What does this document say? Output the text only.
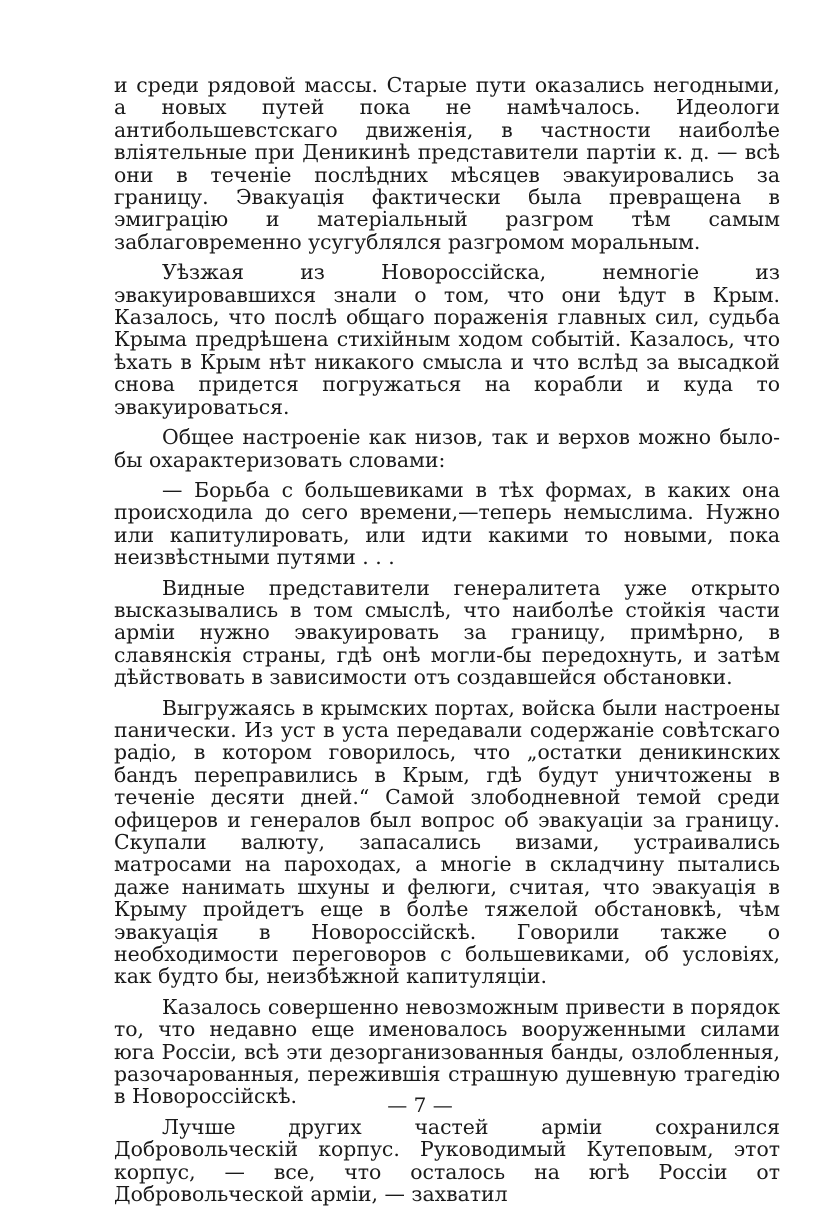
и среди рядовой массы. Старые пути оказались негодными, а новых путей пока не намѣчалось. Идеологи антибольшевстскаго движенія, в частности наиболѣе вліятельные при Деникинѣ представители партіи к. д. — всѣ они в теченіе послѣдних мѣсяцев эвакуировались за границу. Эвакуація фактически была превращена в эмиграцію и матеріальный разгром тѣм самым заблаговременно усугублялся разгромом моральным.

Уѣзжая из Новороссійска, немногіе из эвакуировавшихся знали о том, что они ѣдут в Крым. Казалось, что послѣ общаго пораженія главных сил, судьба Крыма предрѣшена стихійным ходом событій. Казалось, что ѣхать в Крым нѣт никакого смысла и что вслѣд за высадкой снова придется погружаться на корабли и куда то эвакуироваться.

Общее настроеніе как низов, так и верхов можно было-бы охарактеризовать словами:

— Борьба с большевиками в тѣх формах, в каких она происходила до сего времени,—теперь немыслима. Нужно или капитулировать, или идти какими то новыми, пока неизвѣстными путями . . .

Видные представители генералитета уже открыто высказывались в том смыслѣ, что наиболѣе стойкія части арміи нужно эвакуировать за границу, примѣрно, в славянскія страны, гдѣ онѣ могли-бы передохнуть, и затѣм дѣйствовать в зависимости отъ создавшейся обстановки.

Выгружаясь в крымских портах, войска были настроены панически. Из уст в уста передавали содержаніе совѣтскаго радіо, в котором говорилось, что „остатки деникинских бандъ переправились в Крым, гдѣ будут уничтожены в теченіе десяти дней.“ Самой злободневной темой среди офицеров и генералов был вопрос об эвакуаціи за границу. Скупали валюту, запасались визами, устраивались матросами на пароходах, а многіе в складчину пытались даже нанимать шхуны и фелюги, считая, что эвакуація в Крыму пройдетъ еще в болѣе тяжелой обстановкѣ, чѣм эвакуація в Новороссійскѣ. Говорили также о необходимости переговоров с большевиками, об условіях, как будто бы, неизбѣжной капитуляціи.

Казалось совершенно невозможным привести в порядок то, что недавно еще именовалось вооруженными силами юга Россіи, всѣ эти дезорганизованныя банды, озлобленныя, разочарованныя, пережившія страшную душевную трагедію в Новороссійскѣ.

Лучше других частей арміи сохранился Добровольческій корпус. Руководимый Кутеповым, этот корпус, — все, что осталось на югѣ Россіи от Добровольческой арміи, — захватил

— 7 —
